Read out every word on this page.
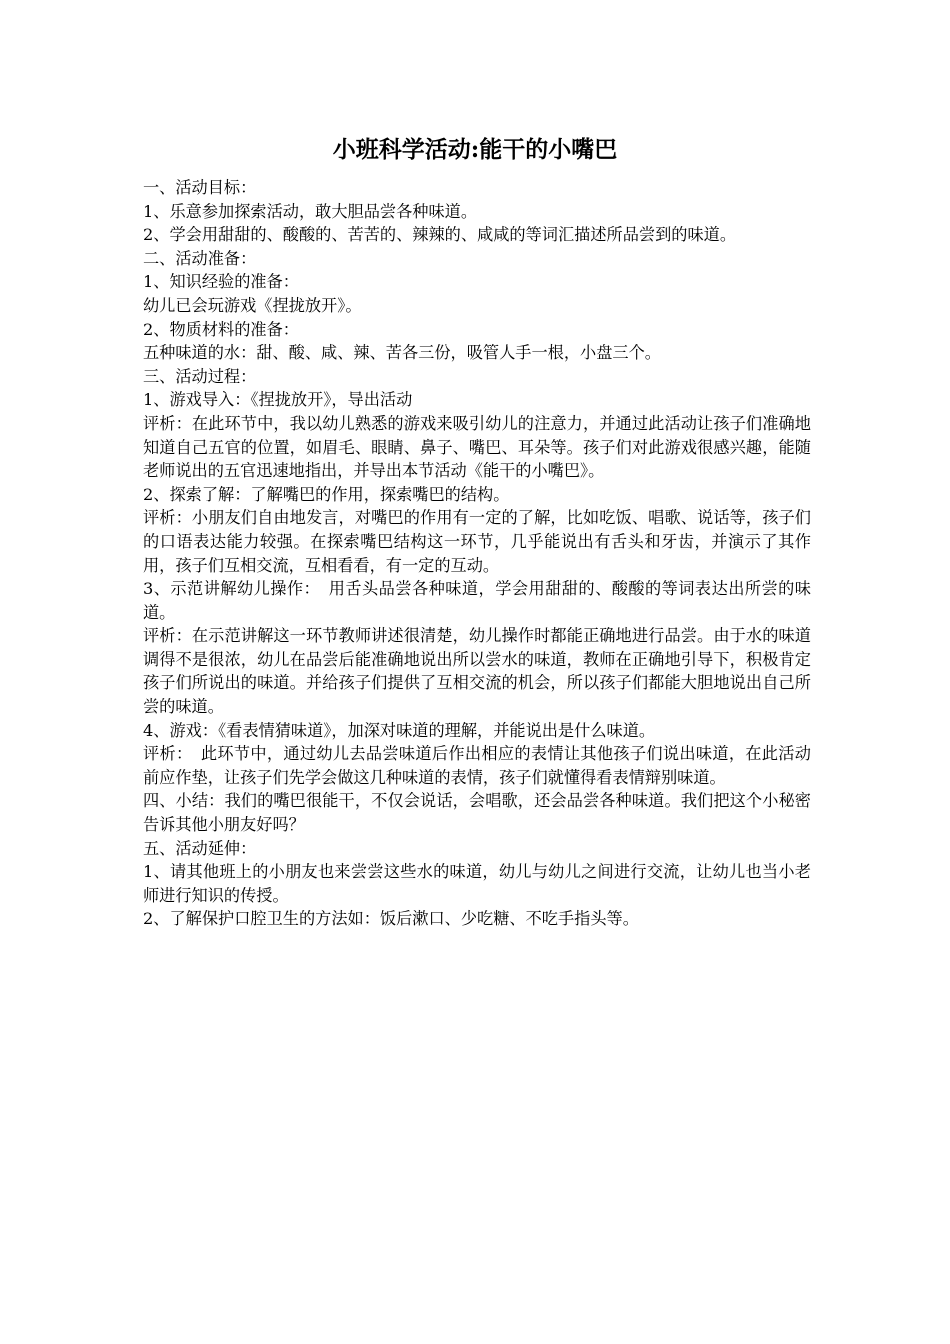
小班科学活动:能干的小嘴巴

一、活动目标：

1、乐意参加探索活动，敢大胆品尝各种味道。

2、学会用甜甜的、酸酸的、苦苦的、辣辣的、咸咸的等词汇描述所品尝到的味道。

二、活动准备：

1、知识经验的准备：

幼儿已会玩游戏《捏拢放开》。

2、物质材料的准备：

五种味道的水：甜、酸、咸、辣、苦各三份，吸管人手一根，小盘三个。

三、活动过程：

1、游戏导入：《捏拢放开》，导出活动

评析：在此环节中，我以幼儿熟悉的游戏来吸引幼儿的注意力，并通过此活动让孩子们准确地知道自己五官的位置，如眉毛、眼睛、鼻子、嘴巴、耳朵等。孩子们对此游戏很感兴趣，能随老师说出的五官迅速地指出，并导出本节活动《能干的小嘴巴》。

2、探索了解：了解嘴巴的作用，探索嘴巴的结构。

评析：小朋友们自由地发言，对嘴巴的作用有一定的了解，比如吃饭、唱歌、说话等，孩子们的口语表达能力较强。在探索嘴巴结构这一环节，几乎能说出有舌头和牙齿，并演示了其作用，孩子们互相交流，互相看看，有一定的互动。

3、示范讲解幼儿操作：　用舌头品尝各种味道，学会用甜甜的、酸酸的等词表达出所尝的味道。

评析：在示范讲解这一环节教师讲述很清楚，幼儿操作时都能正确地进行品尝。由于水的味道调得不是很浓，幼儿在品尝后能准确地说出所以尝水的味道，教师在正确地引导下，积极肯定孩子们所说出的味道。并给孩子们提供了互相交流的机会，所以孩子们都能大胆地说出自己所尝的味道。

4、游戏：《看表情猜味道》，加深对味道的理解，并能说出是什么味道。

评析：　此环节中，通过幼儿去品尝味道后作出相应的表情让其他孩子们说出味道，在此活动前应作垫，让孩子们先学会做这几种味道的表情，孩子们就懂得看表情辩别味道。

四、小结：我们的嘴巴很能干，不仅会说话，会唱歌，还会品尝各种味道。我们把这个小秘密告诉其他小朋友好吗？

五、活动延伸：

1、请其他班上的小朋友也来尝尝这些水的味道，幼儿与幼儿之间进行交流，让幼儿也当小老师进行知识的传授。

2、了解保护口腔卫生的方法如：饭后漱口、少吃糖、不吃手指头等。
